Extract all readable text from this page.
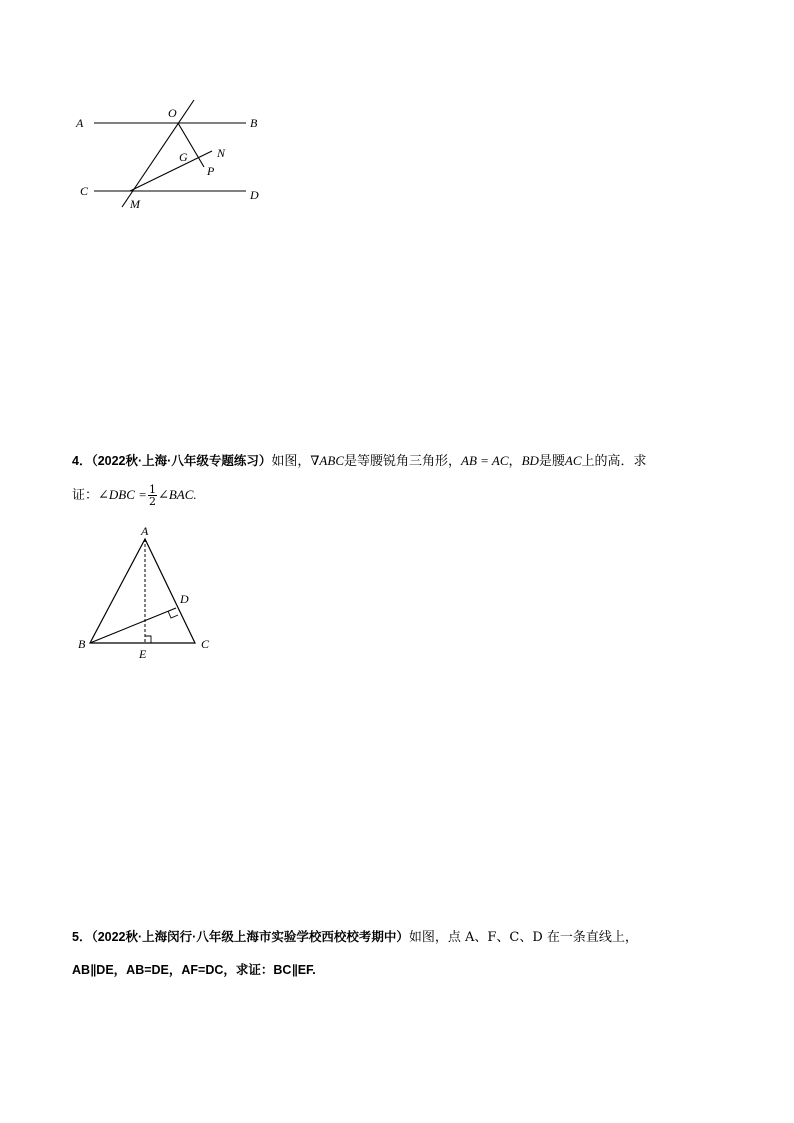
A
O
B
G N
P
C	D
M
4．（2022秋·上海·八年级专题练习）如图，∇ABC是等腰锐角三角形，AB = AC，BD是腰AC上的高．求
证：∠DBC = $\frac{1}{2}$ ∠BAC.
A
D
B	C
E
5．（2022秋·上海闵行·八年级上海市实验学校西校校考期中）如图，点 A、F、C、D 在一条直线上，
AB∥DE，AB=DE，AF=DC，求证：BC∥EF.
